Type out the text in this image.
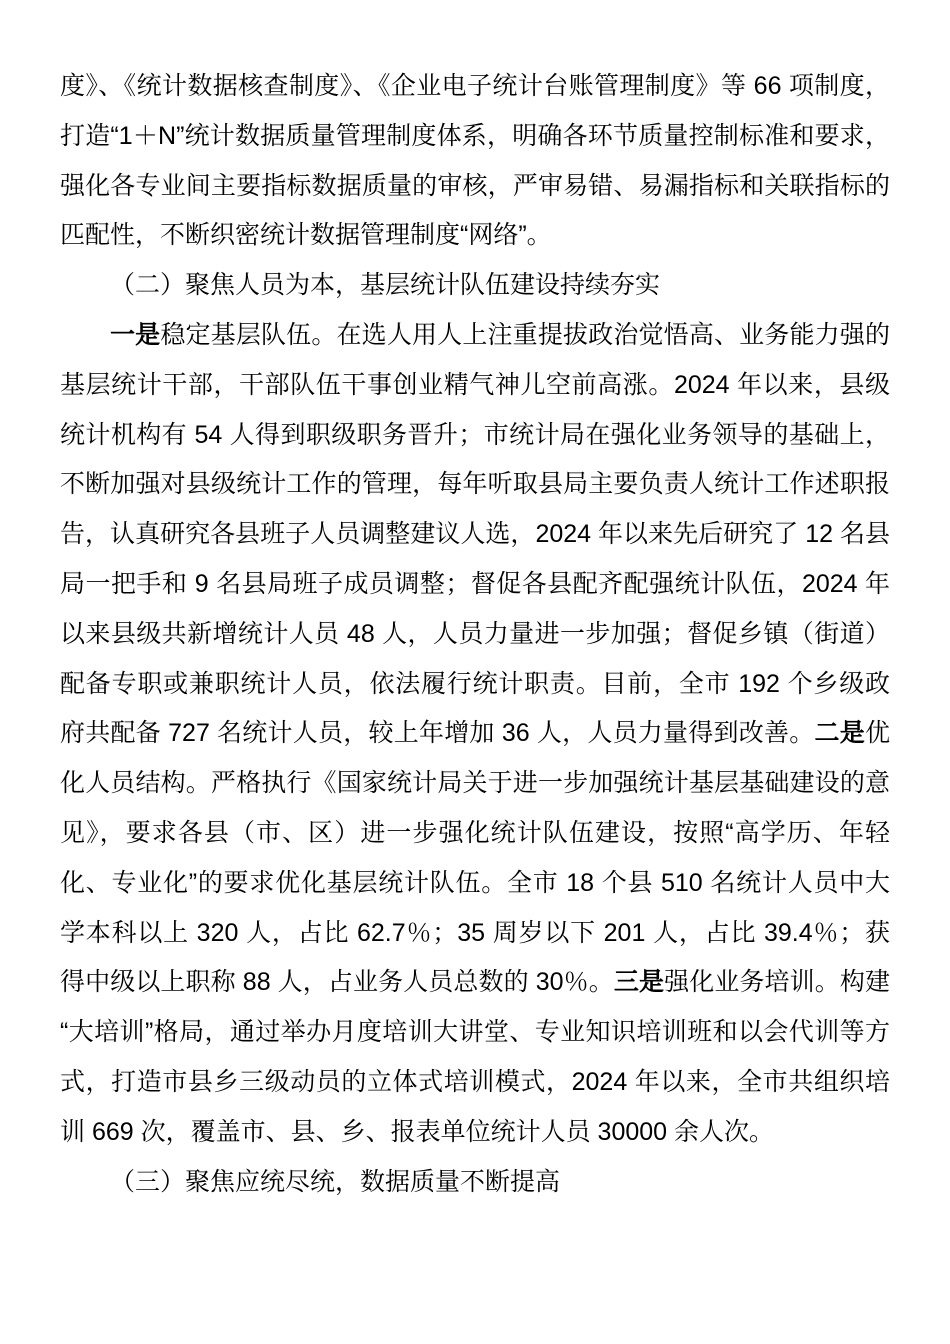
度》、《统计数据核查制度》、《企业电子统计台账管理制度》等 66 项制度，打造“1＋N”统计数据质量管理制度体系，明确各环节质量控制标准和要求，强化各专业间主要指标数据质量的审核，严审易错、易漏指标和关联指标的匹配性，不断织密统计数据管理制度“网络”。

（二）聚焦人员为本，基层统计队伍建设持续夯实

一是稳定基层队伍。在选人用人上注重提拔政治觉悟高、业务能力强的基层统计干部，干部队伍干事创业精气神儿空前高涨。2024 年以来，县级统计机构有 54 人得到职级职务晋升；市统计局在强化业务领导的基础上，不断加强对县级统计工作的管理，每年听取县局主要负责人统计工作述职报告，认真研究各县班子人员调整建议人选，2024 年以来先后研究了 12 名县局一把手和 9 名县局班子成员调整；督促各县配齐配强统计队伍，2024 年以来县级共新增统计人员 48 人，人员力量进一步加强；督促乡镇（街道）配备专职或兼职统计人员，依法履行统计职责。目前，全市 192 个乡级政府共配备 727 名统计人员，较上年增加 36 人，人员力量得到改善。二是优化人员结构。严格执行《国家统计局关于进一步加强统计基层基础建设的意见》，要求各县（市、区）进一步强化统计队伍建设，按照“高学历、年轻化、专业化”的要求优化基层统计队伍。全市 18 个县 510 名统计人员中大学本科以上 320 人，占比 62.7％；35 周岁以下 201 人，占比 39.4％；获得中级以上职称 88 人，占业务人员总数的 30％。三是强化业务培训。构建“大培训”格局，通过举办月度培训大讲堂、专业知识培训班和以会代训等方式，打造市县乡三级动员的立体式培训模式，2024 年以来，全市共组织培训 669 次，覆盖市、县、乡、报表单位统计人员 30000 余人次。

（三）聚焦应统尽统，数据质量不断提高
